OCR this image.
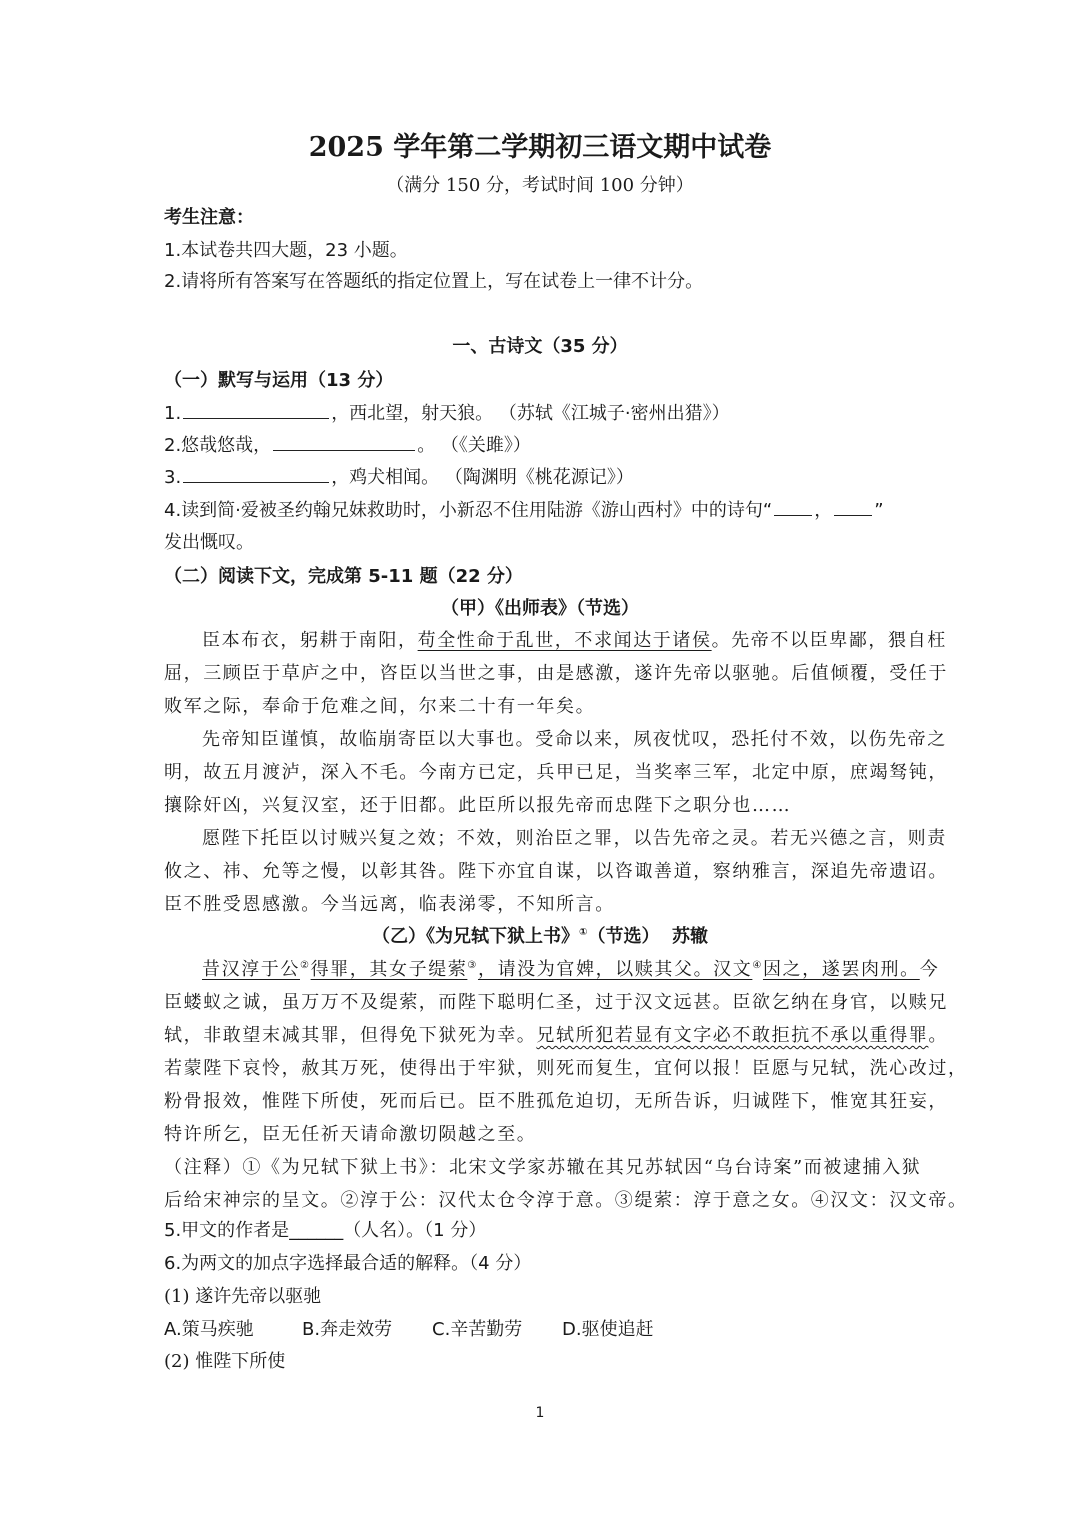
2025 学年第二学期初三语文期中试卷
（满分 150 分，考试时间 100 分钟）
考生注意：
1.本试卷共四大题，23 小题。
2.请将所有答案写在答题纸的指定位置上，写在试卷上一律不计分。
一、古诗文（35 分）
（一）默写与运用（13 分）
1.	，西北望，射天狼。 （苏轼《江城子·密州出猎》）
2.悠哉悠哉，	。 （《关雎》）
3.	，鸡犬相闻。 （陶渊明《桃花源记》）
4.读到简·爱被圣约翰兄妹救助时，小新忍不住用陆游《游山西村》中的诗句“ ， ”
发出慨叹。
（二）阅读下文，完成第 5-11 题（22 分）
（甲）《出师表》（节选）
臣本布衣，躬耕于南阳，苟全性命于乱世，不求闻达于诸侯。先帝不以臣卑鄙，猥自枉
屈，三顾臣于草庐之中，咨臣以当世之事，由是感激，遂许先帝以驱驰。后值倾覆，受任于
败军之际，奉命于危难之间，尔来二十有一年矣。
先帝知臣谨慎，故临崩寄臣以大事也。受命以来，夙夜忧叹，恐托付不效，以伤先帝之
明，故五月渡泸，深入不毛。今南方已定，兵甲已足，当奖率三军，北定中原，庶竭驽钝，
攘除奸凶，兴复汉室，还于旧都。此臣所以报先帝而忠陛下之职分也……
愿陛下托臣以讨贼兴复之效；不效，则治臣之罪，以告先帝之灵。若无兴德之言，则责
攸之、祎、允等之慢，以彰其咎。陛下亦宜自谋，以咨诹善道，察纳雅言，深追先帝遗诏。
臣不胜受恩感激。今当远离，临表涕零，不知所言。
（乙）《为兄轼下狱上书》①（节选） 苏辙
昔汉淳于公②得罪，其女子缇萦③，请没为官婢，以赎其父。汉文④因之，遂罢肉刑。今
臣蝼蚁之诚，虽万万不及缇萦，而陛下聪明仁圣，过于汉文远甚。臣欲乞纳在身官，以赎兄
轼，非敢望末减其罪，但得免下狱死为幸。兄轼所犯若显有文字必不敢拒抗不承以重得罪。
若蒙陛下哀怜，赦其万死，使得出于牢狱，则死而复生，宜何以报！臣愿与兄轼，洗心改过，
粉骨报效，惟陛下所使，死而后已。臣不胜孤危迫切，无所告诉，归诚陛下，惟宽其狂妄，
特许所乞，臣无任祈天请命激切陨越之至。
（注释）①《为兄轼下狱上书》：北宋文学家苏辙在其兄苏轼因“乌台诗案”而被逮捕入狱
后给宋神宗的呈文。②淳于公：汉代太仓令淳于意。③缇萦：淳于意之女。④汉文：汉文帝。
5.甲文的作者是______（人名）。（1 分）
6.为两文的加点字选择最合适的解释。（4 分）
(1) 遂许先帝以驱驰
A.策马疾驰	B.奔走效劳 C.辛苦勤劳 D.驱使追赶
(2) 惟陛下所使
1
